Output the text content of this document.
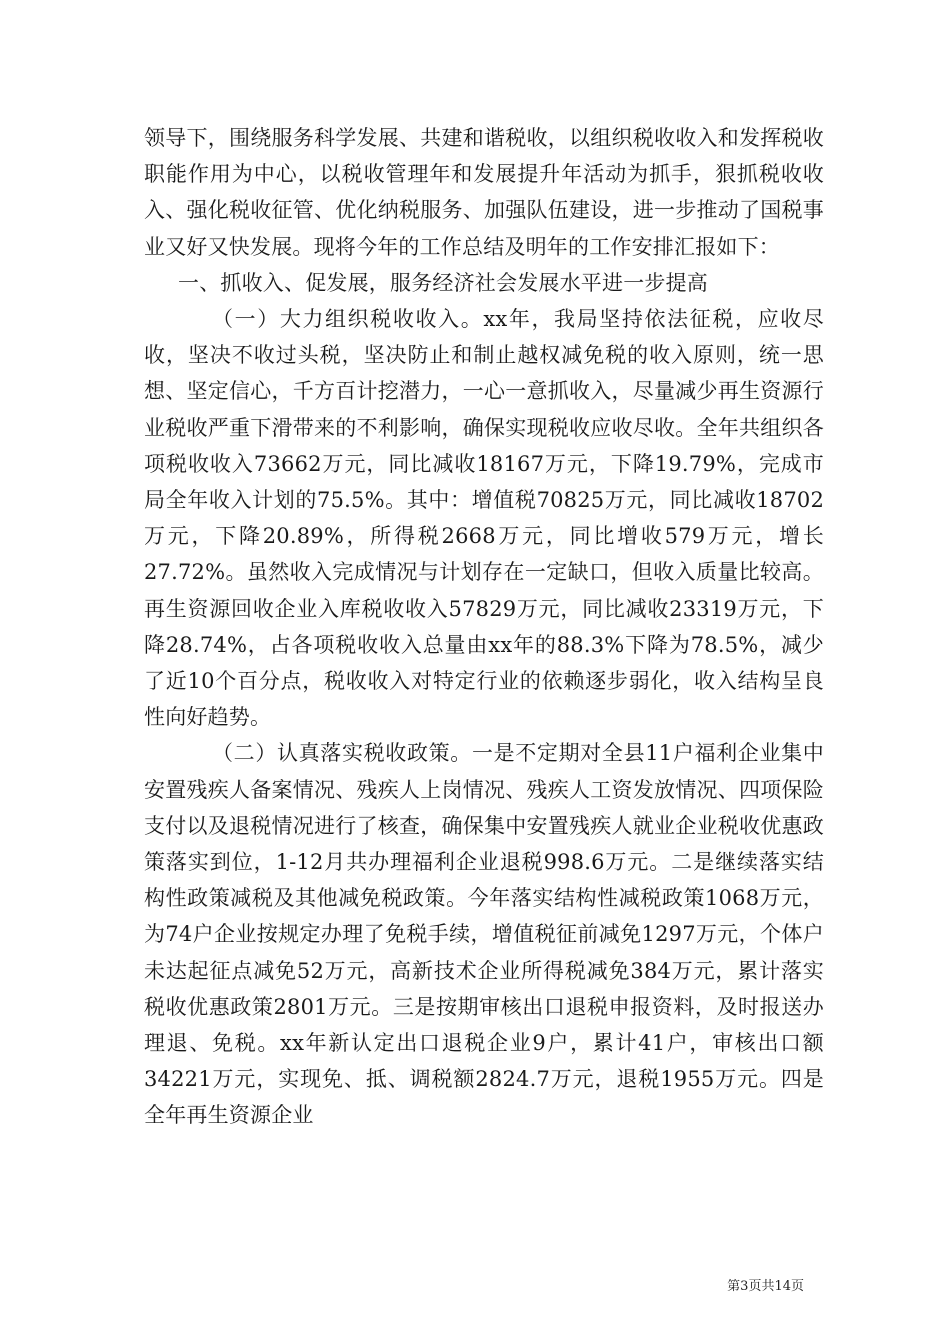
领导下，围绕服务科学发展、共建和谐税收，以组织税收收入和发挥税收职能作用为中心，以税收管理年和发展提升年活动为抓手，狠抓税收收入、强化税收征管、优化纳税服务、加强队伍建设，进一步推动了国税事业又好又快发展。现将今年的工作总结及明年的工作安排汇报如下：

一、抓收入、促发展，服务经济社会发展水平进一步提高

（一）大力组织税收收入。xx年，我局坚持依法征税，应收尽收，坚决不收过头税，坚决防止和制止越权减免税的收入原则，统一思想、坚定信心，千方百计挖潜力，一心一意抓收入，尽量减少再生资源行业税收严重下滑带来的不利影响，确保实现税收应收尽收。全年共组织各项税收收入73662万元，同比减收18167万元，下降19.79%，完成市局全年收入计划的75.5%。其中：增值税70825万元，同比减收18702万元，下降20.89%，所得税2668万元，同比增收579万元，增长27.72%。虽然收入完成情况与计划存在一定缺口，但收入质量比较高。再生资源回收企业入库税收收入57829万元，同比减收23319万元，下降28.74%，占各项税收收入总量由xx年的88.3%下降为78.5%，减少了近10个百分点，税收收入对特定行业的依赖逐步弱化，收入结构呈良性向好趋势。

（二）认真落实税收政策。一是不定期对全县11户福利企业集中安置残疾人备案情况、残疾人上岗情况、残疾人工资发放情况、四项保险支付以及退税情况进行了核查，确保集中安置残疾人就业企业税收优惠政策落实到位，1-12月共办理福利企业退税998.6万元。二是继续落实结构性政策减税及其他减免税政策。今年落实结构性减税政策1068万元，为74户企业按规定办理了免税手续，增值税征前减免1297万元，个体户未达起征点减免52万元，高新技术企业所得税减免384万元，累计落实税收优惠政策2801万元。三是按期审核出口退税申报资料，及时报送办理退、免税。xx年新认定出口退税企业9户，累计41户，审核出口额34221万元，实现免、抵、调税额2824.7万元，退税1955万元。四是全年再生资源企业

第3页共14页
